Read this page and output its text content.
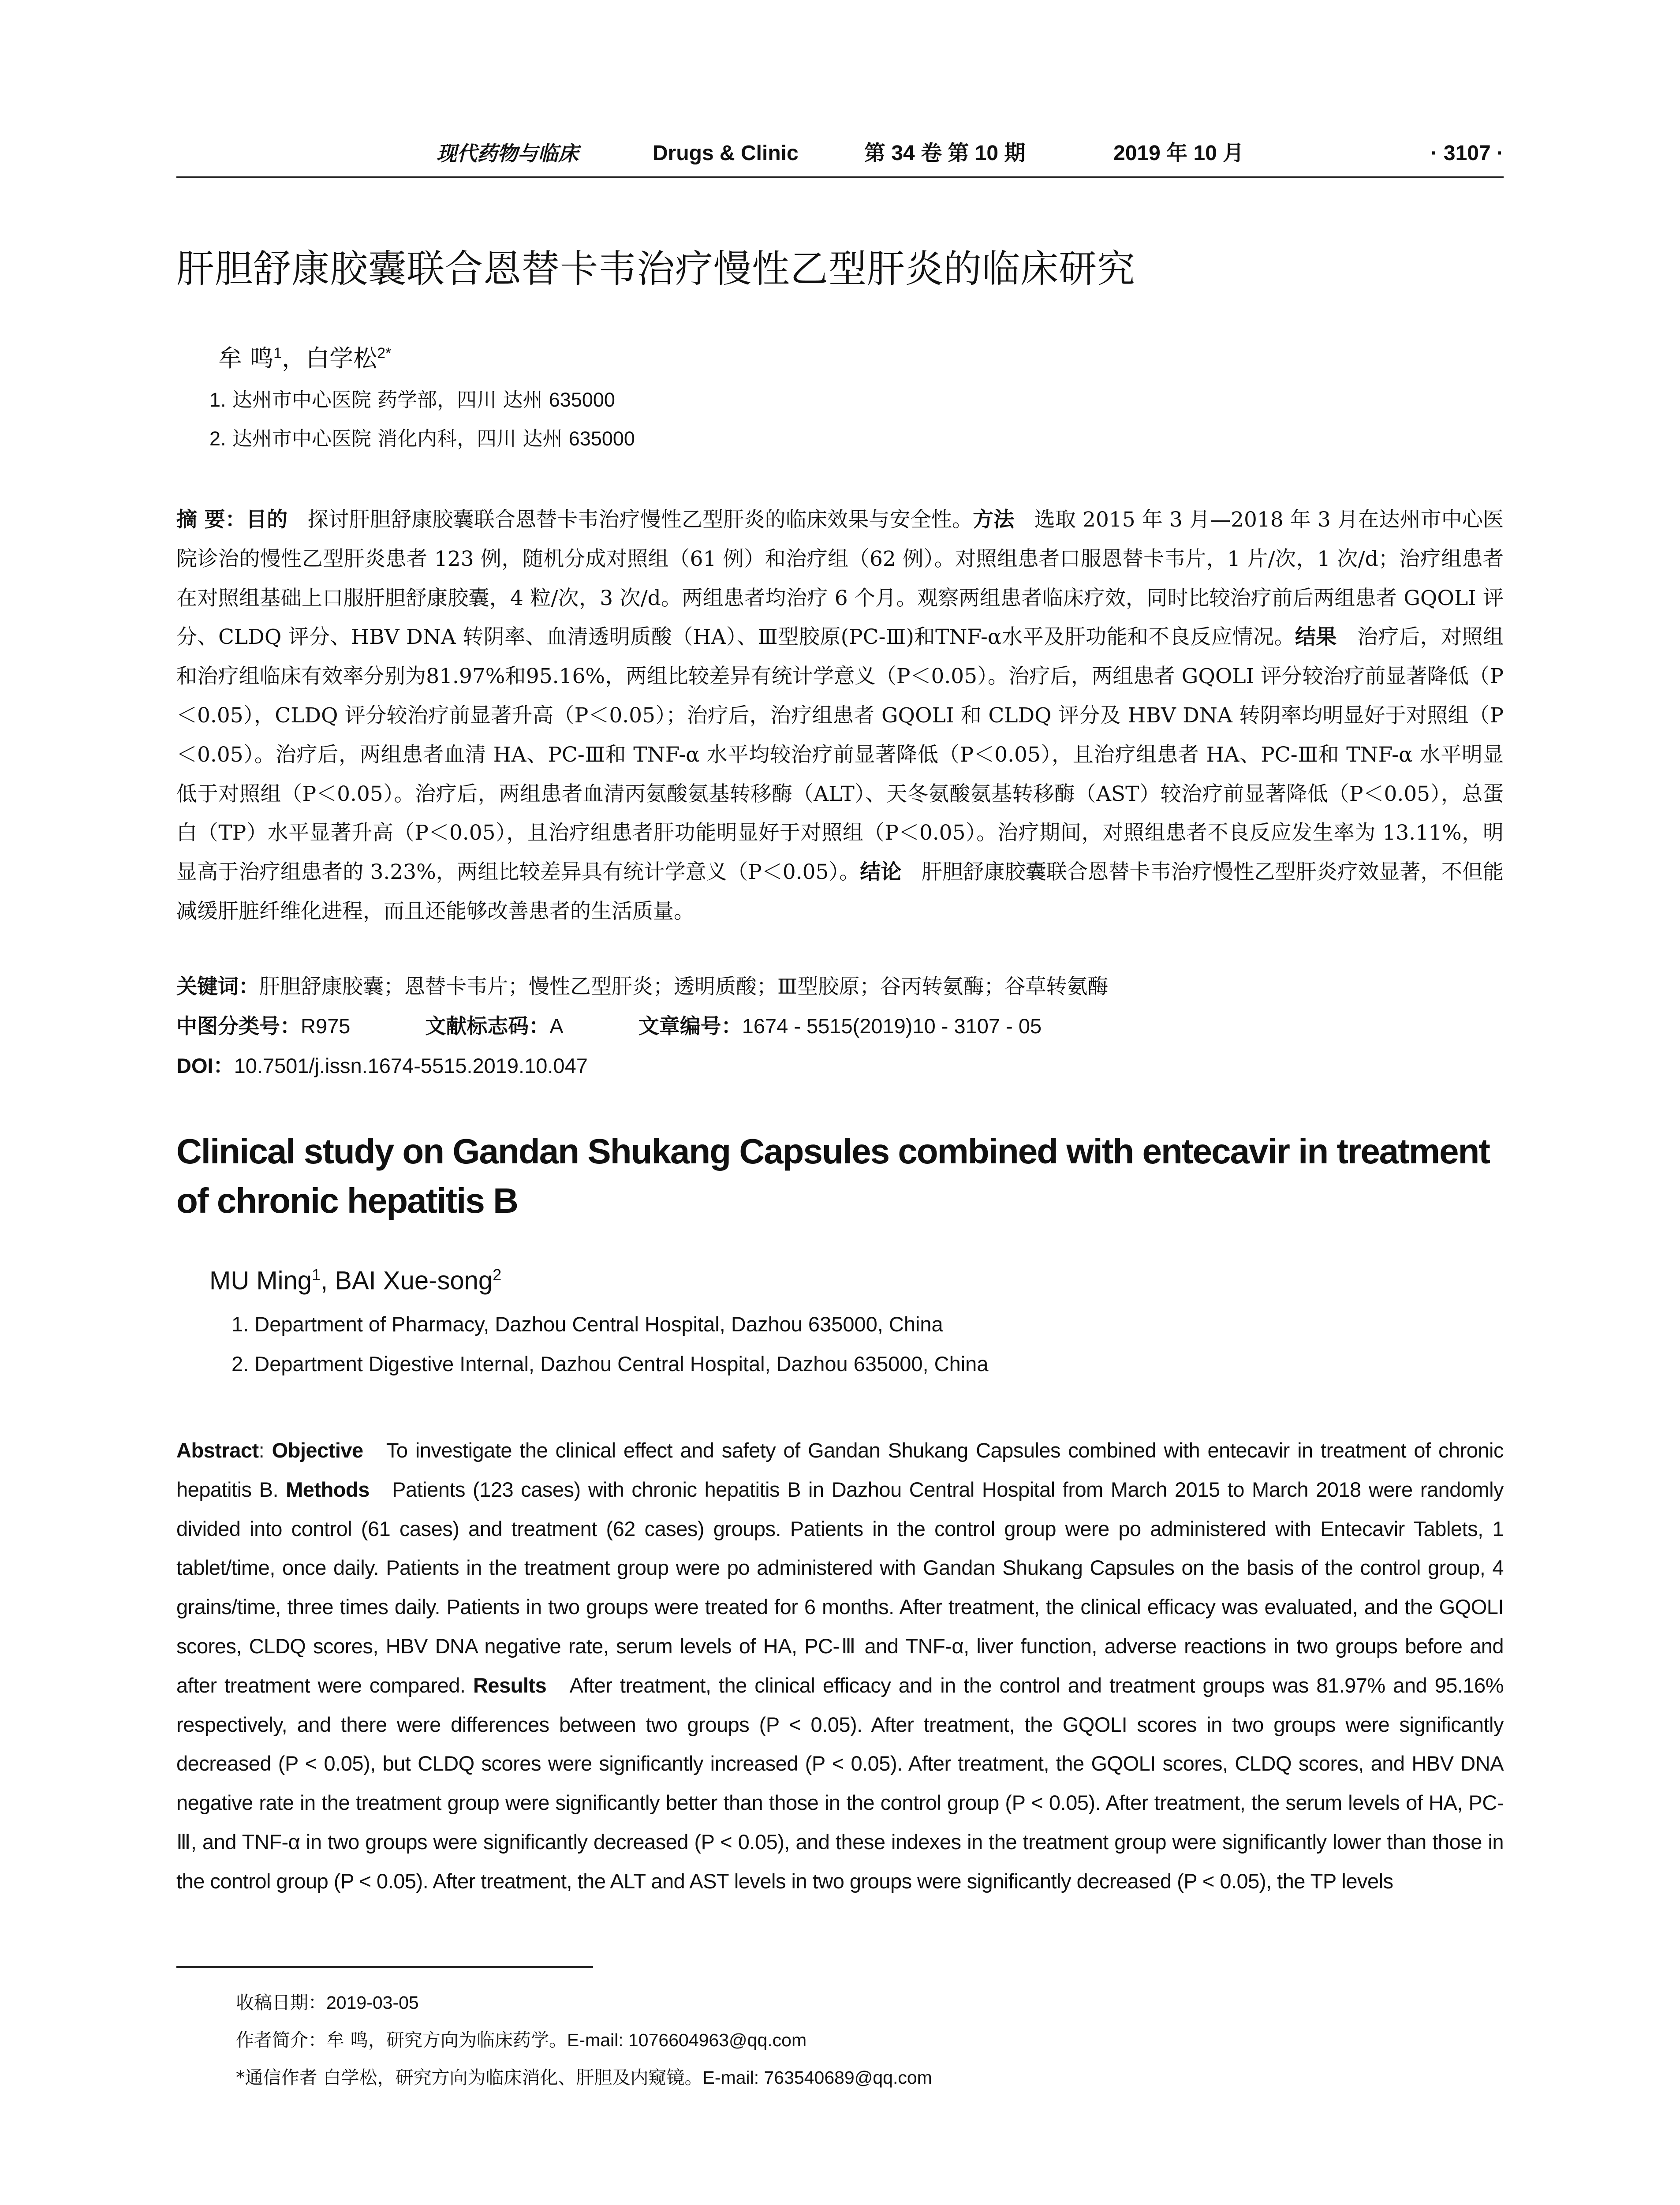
现代药物与临床	Drugs & Clinic	第 34 卷 第 10 期	2019 年 10 月	· 3107 ·
肝胆舒康胶囊联合恩替卡韦治疗慢性乙型肝炎的临床研究
牟 鸣$^1$，白学松$^{2*}$
1. 达州市中心医院 药学部，四川 达州 635000
2. 达州市中心医院 消化内科，四川 达州 635000
摘 要：目的 探讨肝胆舒康胶囊联合恩替卡韦治疗慢性乙型肝炎的临床效果与安全性。方法 选取 2015 年 3 月—2018 年 3 月在达州市中心医院诊治的慢性乙型肝炎患者 123 例，随机分成对照组（61 例）和治疗组（62 例）。对照组患者口服恩替卡韦片，1 片/次，1 次/d；治疗组患者在对照组基础上口服肝胆舒康胶囊，4 粒/次，3 次/d。两组患者均治疗 6 个月。观察两组患者临床疗效，同时比较治疗前后两组患者 GQOLI 评分、CLDQ 评分、HBV DNA 转阴率、血清透明质酸（HA）、Ⅲ型胶原(PC-Ⅲ)和TNF-α水平及肝功能和不良反应情况。结果 治疗后，对照组和治疗组临床有效率分别为81.97%和95.16%，两组比较差异有统计学意义（P＜0.05）。治疗后，两组患者 GQOLI 评分较治疗前显著降低（P＜0.05），CLDQ 评分较治疗前显著升高（P＜0.05）；治疗后，治疗组患者 GQOLI 和 CLDQ 评分及 HBV DNA 转阴率均明显好于对照组（P＜0.05）。治疗后，两组患者血清 HA、PC-Ⅲ和 TNF-α 水平均较治疗前显著降低（P＜0.05），且治疗组患者 HA、PC-Ⅲ和 TNF-α 水平明显低于对照组（P＜0.05）。治疗后，两组患者血清丙氨酸氨基转移酶（ALT）、天冬氨酸氨基转移酶（AST）较治疗前显著降低（P＜0.05），总蛋白（TP）水平显著升高（P＜0.05），且治疗组患者肝功能明显好于对照组（P＜0.05）。治疗期间，对照组患者不良反应发生率为 13.11%，明显高于治疗组患者的 3.23%，两组比较差异具有统计学意义（P＜0.05）。结论 肝胆舒康胶囊联合恩替卡韦治疗慢性乙型肝炎疗效显著，不但能减缓肝脏纤维化进程，而且还能够改善患者的生活质量。
关键词：肝胆舒康胶囊；恩替卡韦片；慢性乙型肝炎；透明质酸；Ⅲ型胶原；谷丙转氨酶；谷草转氨酶
中图分类号：R975	文献标志码：A	文章编号：1674 - 5515(2019)10 - 3107 - 05
DOI：10.7501/j.issn.1674-5515.2019.10.047
Clinical study on Gandan Shukang Capsules combined with entecavir in treatment of chronic hepatitis B
MU Ming$^1$, BAI Xue-song$^2$
1. Department of Pharmacy, Dazhou Central Hospital, Dazhou 635000, China
2. Department Digestive Internal, Dazhou Central Hospital, Dazhou 635000, China
Abstract: Objective To investigate the clinical effect and safety of Gandan Shukang Capsules combined with entecavir in treatment of chronic hepatitis B. Methods Patients (123 cases) with chronic hepatitis B in Dazhou Central Hospital from March 2015 to March 2018 were randomly divided into control (61 cases) and treatment (62 cases) groups. Patients in the control group were po administered with Entecavir Tablets, 1 tablet/time, once daily. Patients in the treatment group were po administered with Gandan Shukang Capsules on the basis of the control group, 4 grains/time, three times daily. Patients in two groups were treated for 6 months. After treatment, the clinical efficacy was evaluated, and the GQOLI scores, CLDQ scores, HBV DNA negative rate, serum levels of HA, PC-Ⅲ and TNF-α, liver function, adverse reactions in two groups before and after treatment were compared. Results After treatment, the clinical efficacy and in the control and treatment groups was 81.97% and 95.16% respectively, and there were differences between two groups (P < 0.05). After treatment, the GQOLI scores in two groups were significantly decreased (P < 0.05), but CLDQ scores were significantly increased (P < 0.05). After treatment, the GQOLI scores, CLDQ scores, and HBV DNA negative rate in the treatment group were significantly better than those in the control group (P < 0.05). After treatment, the serum levels of HA, PC-Ⅲ, and TNF-α in two groups were significantly decreased (P < 0.05), and these indexes in the treatment group were significantly lower than those in the control group (P < 0.05). After treatment, the ALT and AST levels in two groups were significantly decreased (P < 0.05), the TP levels
收稿日期：2019-03-05
作者简介：牟 鸣，研究方向为临床药学。E-mail: 1076604963@qq.com
*通信作者 白学松，研究方向为临床消化、肝胆及内窥镜。E-mail: 763540689@qq.com
